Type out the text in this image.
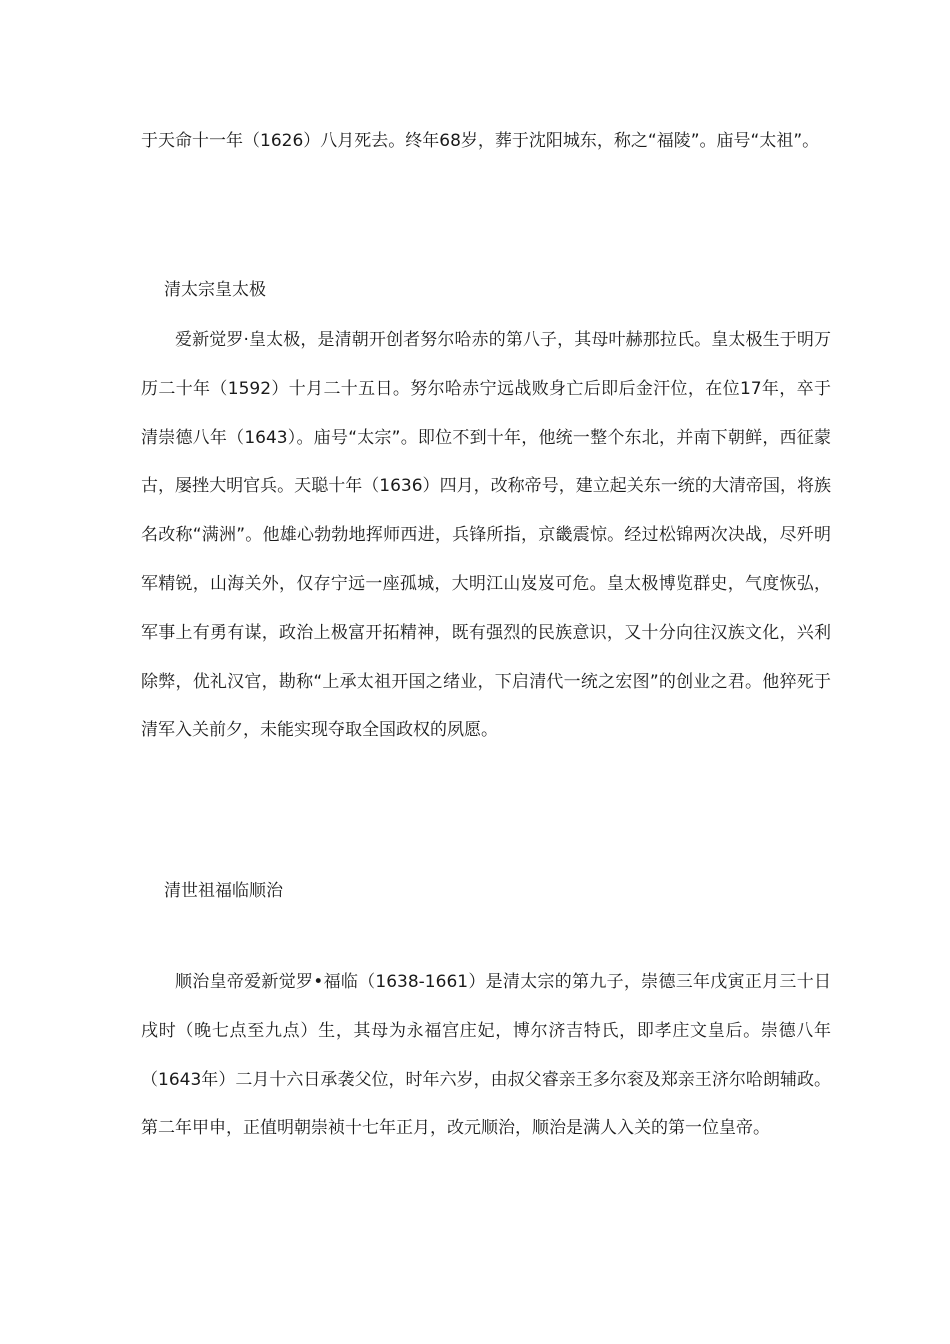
于天命十一年（1626）八月死去。终年68岁，葬于沈阳城东，称之“福陵”。庙号“太祖”。

清太宗皇太极

爱新觉罗·皇太极，是清朝开创者努尔哈赤的第八子，其母叶赫那拉氏。皇太极生于明万历二十年（1592）十月二十五日。努尔哈赤宁远战败身亡后即后金汗位，在位17年，卒于清崇德八年（1643）。庙号“太宗”。即位不到十年，他统一整个东北，并南下朝鲜，西征蒙古，屡挫大明官兵。天聪十年（1636）四月，改称帝号，建立起关东一统的大清帝国，将族名改称“满洲”。他雄心勃勃地挥师西进，兵锋所指，京畿震惊。经过松锦两次决战，尽歼明军精锐，山海关外，仅存宁远一座孤城，大明江山岌岌可危。皇太极博览群史，气度恢弘，军事上有勇有谋，政治上极富开拓精神，既有强烈的民族意识，又十分向往汉族文化，兴利除弊，优礼汉官，勘称“上承太祖开国之绪业，下启清代一统之宏图”的创业之君。他猝死于清军入关前夕，未能实现夺取全国政权的夙愿。

清世祖福临顺治

顺治皇帝爱新觉罗•福临（1638-1661）是清太宗的第九子，崇德三年戊寅正月三十日戌时（晚七点至九点）生，其母为永福宫庄妃，博尔济吉特氏，即孝庄文皇后。崇德八年（1643年）二月十六日承袭父位，时年六岁，由叔父睿亲王多尔衮及郑亲王济尔哈朗辅政。第二年甲申，正值明朝崇祯十七年正月，改元顺治，顺治是满人入关的第一位皇帝。
